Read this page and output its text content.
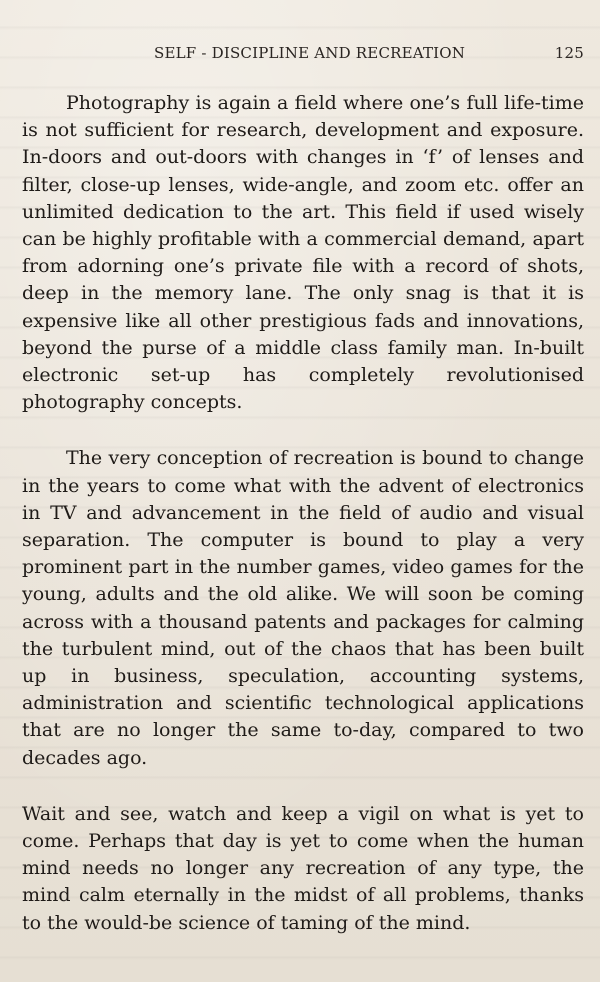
SELF - DISCIPLINE AND RECREATION	125

Photography is again a field where one’s full life-time is not sufficient for research, development and exposure. In-doors and out-doors with changes in ‘f’ of lenses and filter, close-up lenses, wide-angle, and zoom etc. offer an unlimited dedication to the art. This field if used wisely can be highly profitable with a commercial demand, apart from adorning one’s private file with a record of shots, deep in the memory lane. The only snag is that it is expensive like all other prestigious fads and innovations, beyond the purse of a middle class family man. In-built electronic set-up has completely revolutionised photography concepts.

The very conception of recreation is bound to change in the years to come what with the advent of electronics in TV and advancement in the field of audio and visual separation. The computer is bound to play a very prominent part in the number games, video games for the young, adults and the old alike. We will soon be coming across with a thousand patents and packages for calming the turbulent mind, out of the chaos that has been built up in business, speculation, accounting systems, administration and scientific technological applications that are no longer the same to-day, compared to two decades ago.

Wait and see, watch and keep a vigil on what is yet to come. Perhaps that day is yet to come when the human mind needs no longer any recreation of any type, the mind calm eternally in the midst of all problems, thanks to the would-be science of taming of the mind.
